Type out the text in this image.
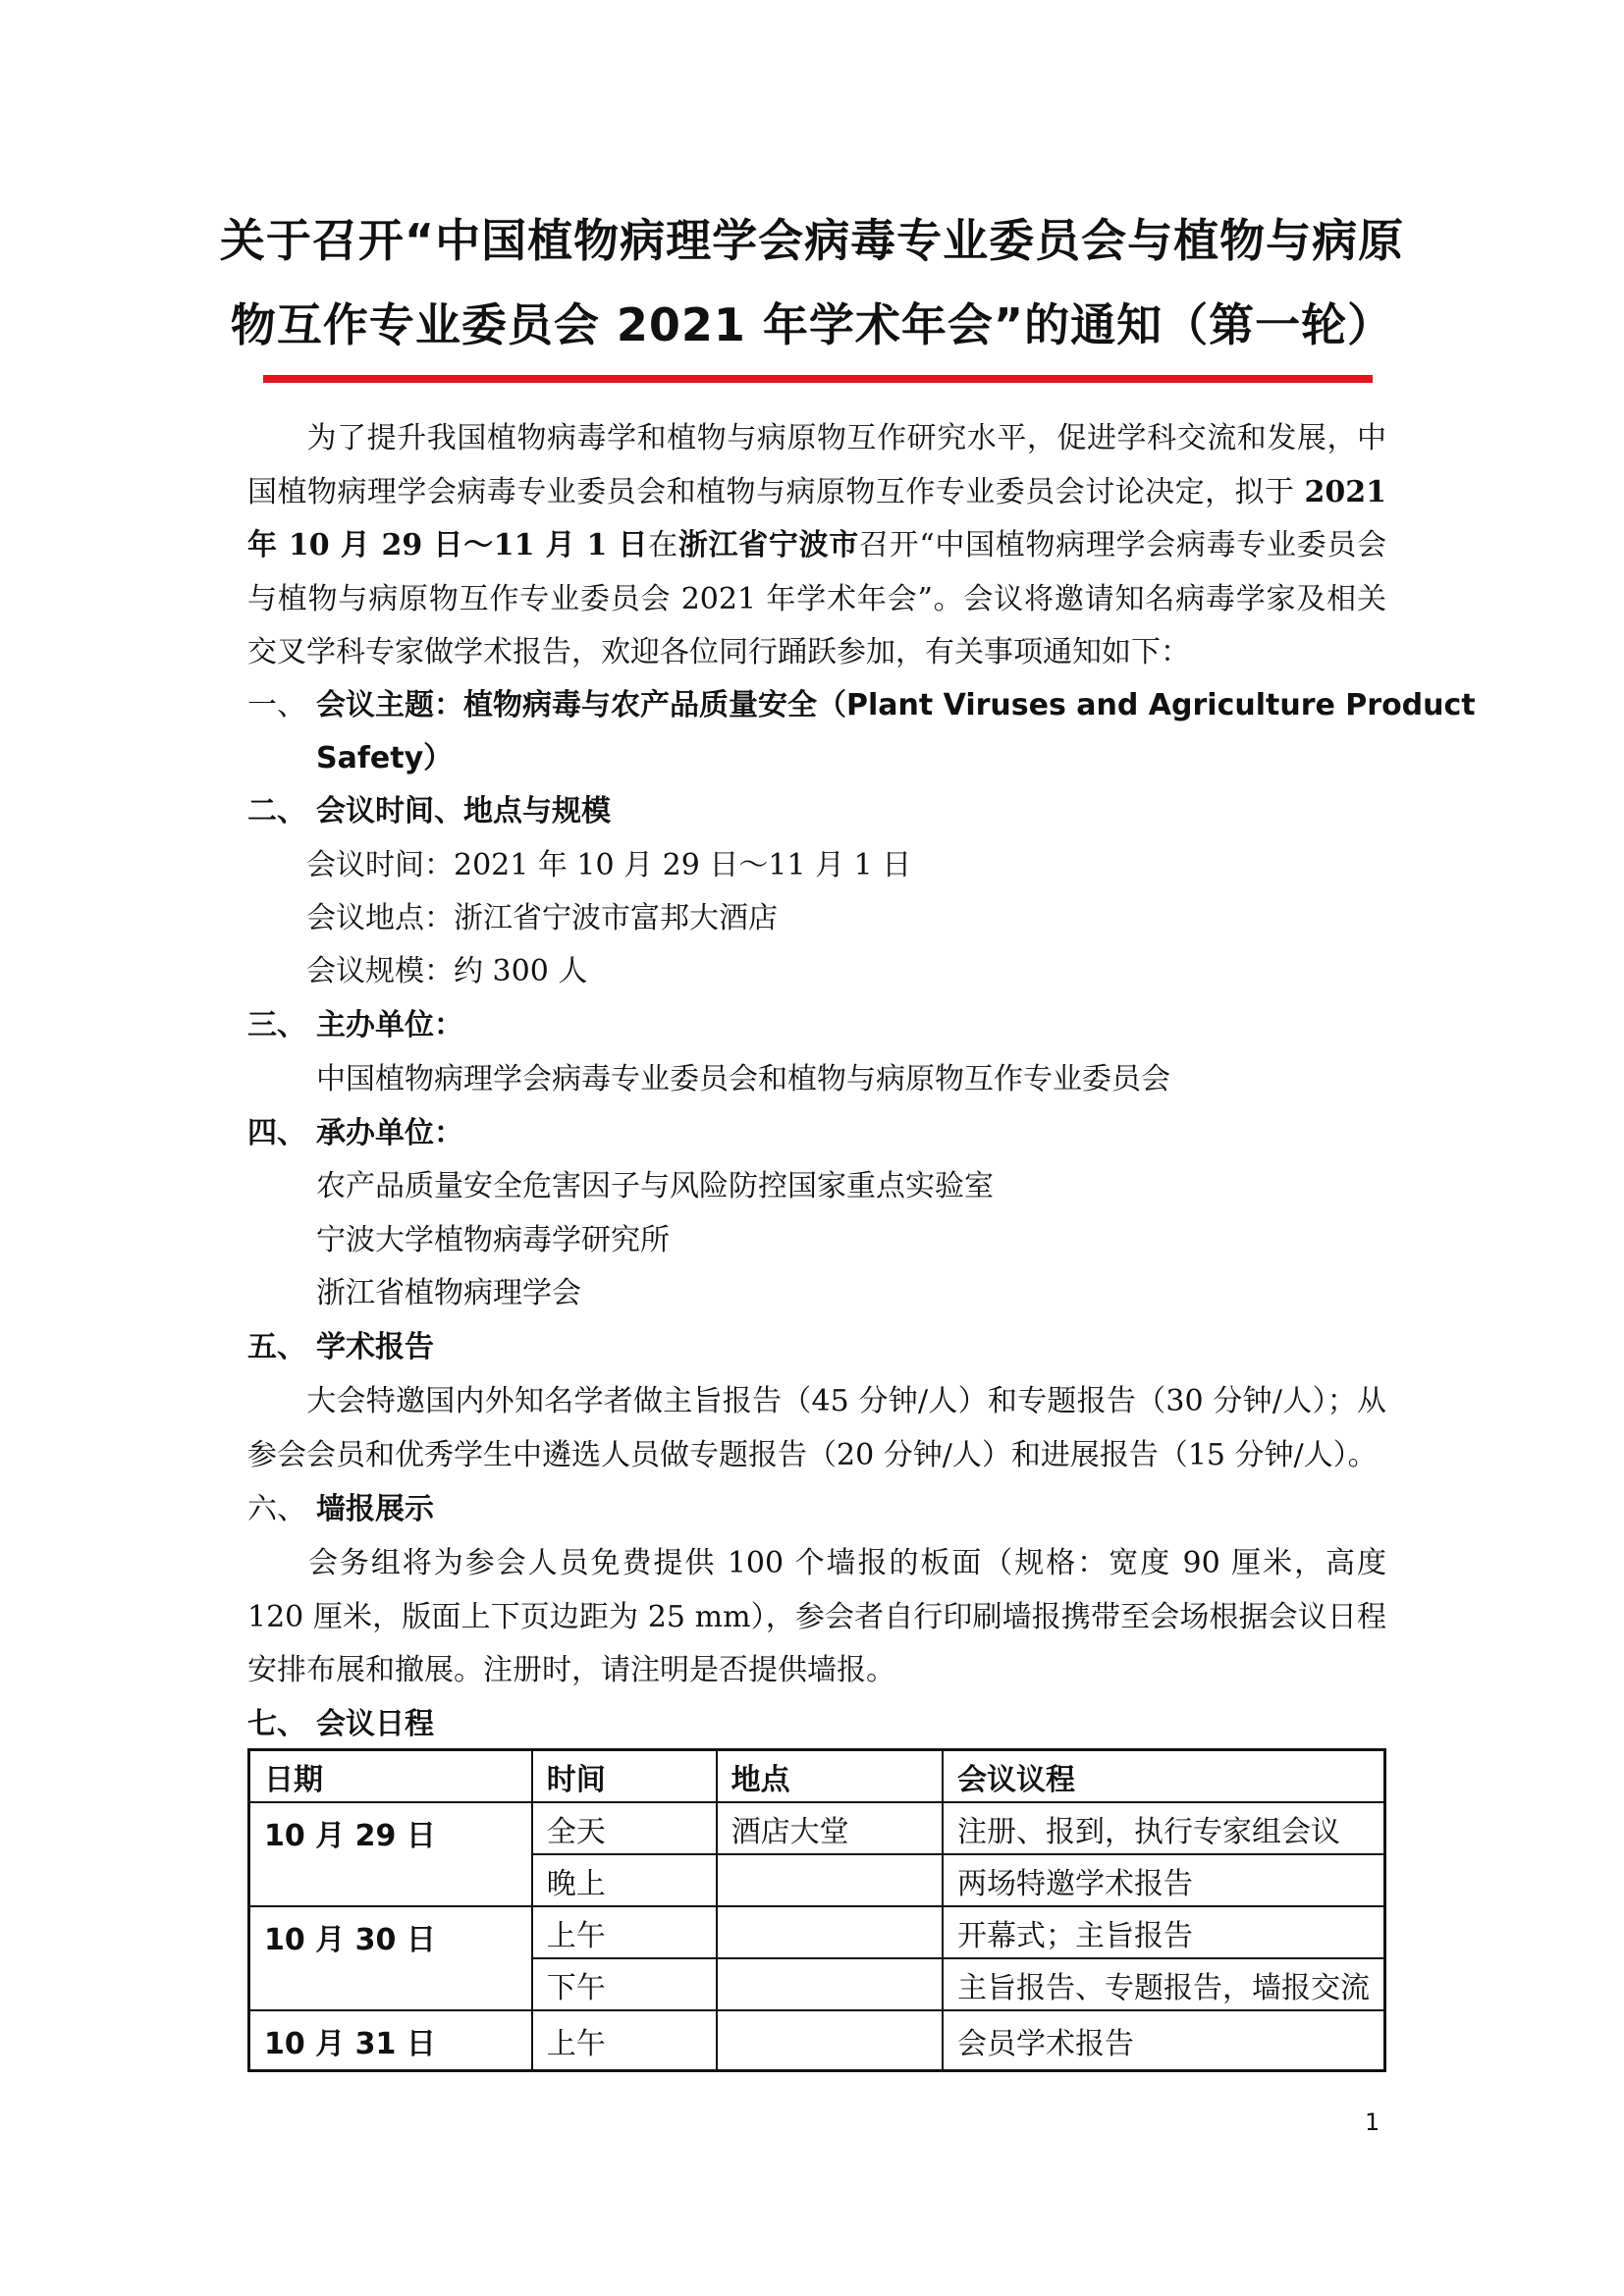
关于召开“中国植物病理学会病毒专业委员会与植物与病原
物互作专业委员会 2021 年学术年会”的通知（第一轮）
为了提升我国植物病毒学和植物与病原物互作研究水平，促进学科交流和发展，中国植物病理学会病毒专业委员会和植物与病原物互作专业委员会讨论决定，拟于 2021 年 10 月 29 日～11 月 1 日在浙江省宁波市召开“中国植物病理学会病毒专业委员会与植物与病原物互作专业委员会 2021 年学术年会”。会议将邀请知名病毒学家及相关交叉学科专家做学术报告，欢迎各位同行踊跃参加，有关事项通知如下：
一、 会议主题：植物病毒与农产品质量安全（Plant Viruses and Agriculture Product
Safety）
二、 会议时间、地点与规模
会议时间：2021 年 10 月 29 日～11 月 1 日
会议地点：浙江省宁波市富邦大酒店
会议规模：约 300 人
三、 主办单位：
中国植物病理学会病毒专业委员会和植物与病原物互作专业委员会
四、 承办单位：
农产品质量安全危害因子与风险防控国家重点实验室
宁波大学植物病毒学研究所
浙江省植物病理学会
五、 学术报告
大会特邀国内外知名学者做主旨报告（45 分钟/人）和专题报告（30 分钟/人）；从参会会员和优秀学生中遴选人员做专题报告（20 分钟/人）和进展报告（15 分钟/人）。
六、 墙报展示
会务组将为参会人员免费提供 100 个墙报的板面（规格：宽度 90 厘米，高度 120 厘米，版面上下页边距为 25 mm），参会者自行印刷墙报携带至会场根据会议日程安排布展和撤展。注册时，请注明是否提供墙报。
七、 会议日程
日期	时间	地点	会议议程
10 月 29 日	全天	酒店大堂	注册、报到，执行专家组会议
	晚上		两场特邀学术报告
10 月 30 日	上午		开幕式；主旨报告
	下午		主旨报告、专题报告，墙报交流
10 月 31 日	上午		会员学术报告
1
